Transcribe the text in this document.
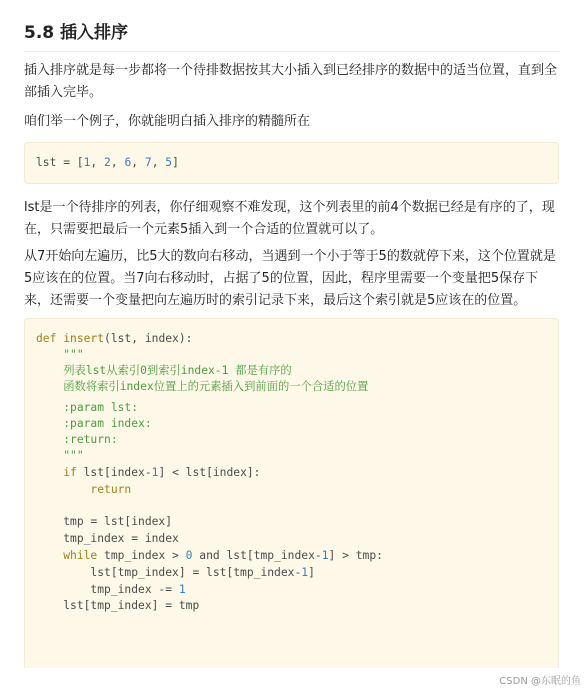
5.8 插入排序

插入排序就是每一步都将一个待排数据按其大小插入到已经排序的数据中的适当位置，直到全
部插入完毕。

咱们举一个例子，你就能明白插入排序的精髓所在

lst = [1, 2, 6, 7, 5]

lst是一个待排序的列表，你仔细观察不难发现，这个列表里的前4个数据已经是有序的了，现
在，只需要把最后一个元素5插入到一个合适的位置就可以了。

从7开始向左遍历，比5大的数向右移动，当遇到一个小于等于5的数就停下来，这个位置就是
5应该在的位置。当7向右移动时，占据了5的位置，因此，程序里需要一个变量把5保存下
来，还需要一个变量把向左遍历时的索引记录下来，最后这个索引就是5应该在的位置。

def insert(lst, index):
"""
列表lst从索引0到索引index-1 都是有序的
函数将索引index位置上的元素插入到前面的一个合适的位置
:param lst:
:param index:
:return:
"""
if lst[index-1] < lst[index]:
return
tmp = lst[index]
tmp_index = index
while tmp_index > 0 and lst[tmp_index-1] > tmp:
lst[tmp_index] = lst[tmp_index-1]
tmp_index -= 1
lst[tmp_index] = tmp
CSDN @东眠的鱼
